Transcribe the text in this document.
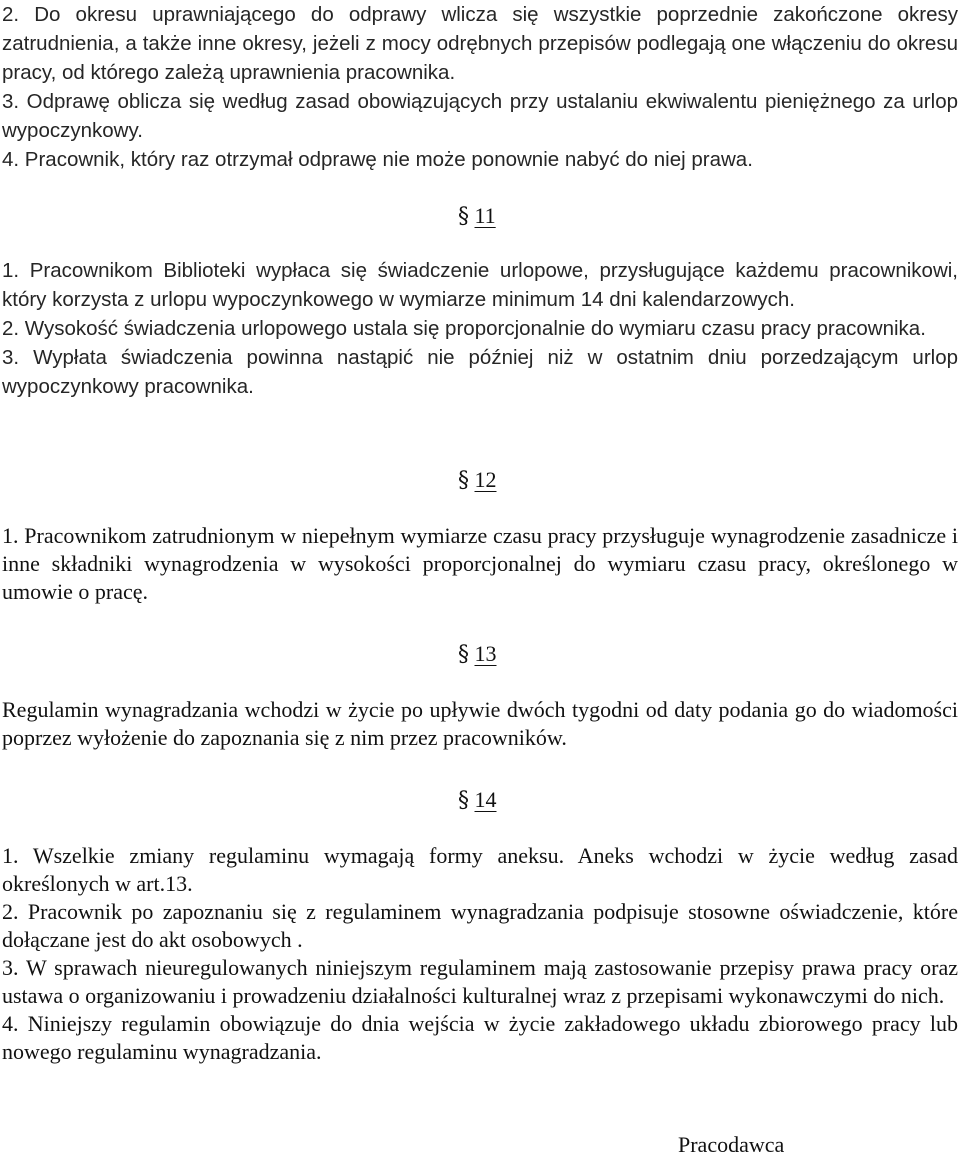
2. Do okresu uprawniającego do odprawy wlicza się wszystkie poprzednie zakończone okresy zatrudnienia, a także inne okresy, jeżeli z mocy odrębnych przepisów podlegają one włączeniu do okresu pracy, od którego zależą uprawnienia pracownika.

3. Odprawę oblicza się według zasad obowiązujących przy ustalaniu ekwiwalentu pieniężnego za urlop wypoczynkowy.

4. Pracownik, który raz otrzymał odprawę nie może ponownie nabyć do niej prawa.

§ 11

1. Pracownikom Biblioteki wypłaca się świadczenie urlopowe, przysługujące każdemu pracownikowi, który korzysta z urlopu wypoczynkowego w wymiarze minimum 14 dni kalendarzowych.

2. Wysokość świadczenia urlopowego ustala się proporcjonalnie do wymiaru czasu pracy pracownika.

3. Wypłata świadczenia powinna nastąpić nie później niż w ostatnim dniu porzedzającym urlop wypoczynkowy pracownika.

§ 12

1. Pracownikom zatrudnionym w niepełnym wymiarze czasu pracy przysługuje wynagrodzenie zasadnicze i inne składniki wynagrodzenia w wysokości proporcjonalnej do wymiaru czasu pracy, określonego w umowie o pracę.

§ 13

Regulamin wynagradzania wchodzi w życie po upływie dwóch tygodni od daty podania go do wiadomości poprzez wyłożenie do zapoznania się z nim przez pracowników.

§ 14

1. Wszelkie zmiany regulaminu wymagają formy aneksu. Aneks wchodzi w życie według zasad określonych w art.13.

2. Pracownik po zapoznaniu się z regulaminem wynagradzania podpisuje stosowne oświadczenie, które dołączane jest do akt osobowych .

3. W sprawach nieuregulowanych niniejszym regulaminem mają zastosowanie przepisy prawa pracy oraz ustawa o organizowaniu i prowadzeniu działalności kulturalnej wraz z przepisami wykonawczymi do nich.

4. Niniejszy regulamin obowiązuje do dnia wejścia w życie zakładowego układu zbiorowego pracy lub nowego regulaminu wynagradzania.

Pracodawca
